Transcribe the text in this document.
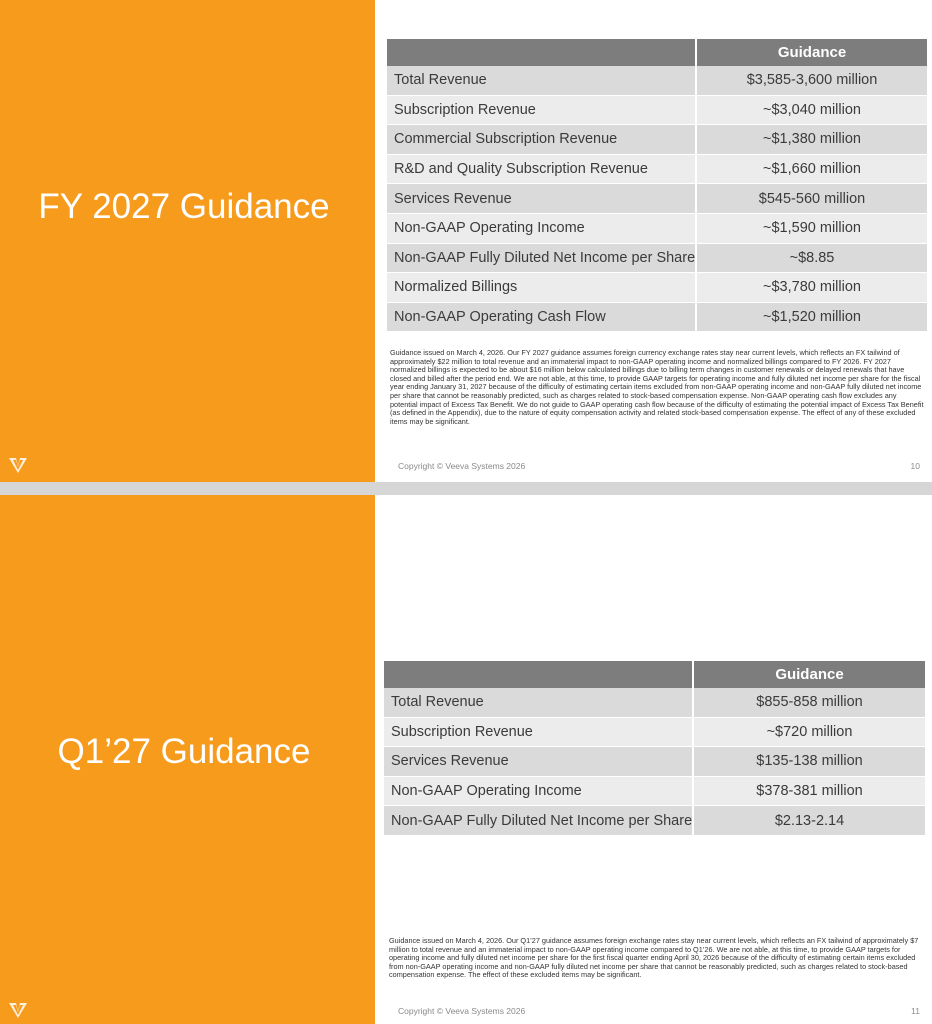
FY 2027 Guidance
	Guidance
Total Revenue	$3,585-3,600 million
Subscription Revenue	~$3,040 million
Commercial Subscription Revenue	~$1,380 million
R&D and Quality Subscription Revenue	~$1,660 million
Services Revenue	$545-560 million
Non-GAAP Operating Income	~$1,590 million
Non-GAAP Fully Diluted Net Income per Share	~$8.85
Normalized Billings	~$3,780 million
Non-GAAP Operating Cash Flow	~$1,520 million
Guidance issued on March 4, 2026. Our FY 2027 guidance assumes foreign currency exchange rates stay near current levels, which reflects an FX tailwind of approximately $22 million to total revenue and an immaterial impact to non-GAAP operating income and normalized billings compared to FY 2026. FY 2027 normalized billings is expected to be about $16 million below calculated billings due to billing term changes in customer renewals or delayed renewals that have closed and billed after the period end. We are not able, at this time, to provide GAAP targets for operating income and fully diluted net income per share for the fiscal year ending January 31, 2027 because of the difficulty of estimating certain items excluded from non-GAAP operating income and non-GAAP fully diluted net income per share that cannot be reasonably predicted, such as charges related to stock-based compensation expense. Non-GAAP operating cash flow excludes any potential impact of Excess Tax Benefit. We do not guide to GAAP operating cash flow because of the difficulty of estimating the potential impact of Excess Tax Benefit (as defined in the Appendix), due to the nature of equity compensation activity and related stock-based compensation expense. The effect of any of these excluded items may be significant.
Copyright © Veeva Systems 2026	10
Q1’27 Guidance
	Guidance
Total Revenue	$855-858 million
Subscription Revenue	~$720 million
Services Revenue	$135-138 million
Non-GAAP Operating Income	$378-381 million
Non-GAAP Fully Diluted Net Income per Share	$2.13-2.14
Guidance issued on March 4, 2026. Our Q1’27 guidance assumes foreign exchange rates stay near current levels, which reflects an FX tailwind of approximately $7 million to total revenue and an immaterial impact to non-GAAP operating income compared to Q1’26. We are not able, at this time, to provide GAAP targets for operating income and fully diluted net income per share for the first fiscal quarter ending April 30, 2026 because of the difficulty of estimating certain items excluded from non-GAAP operating income and non-GAAP fully diluted net income per share that cannot be reasonably predicted, such as charges related to stock-based compensation expense. The effect of these excluded items may be significant.
Copyright © Veeva Systems 2026	11
